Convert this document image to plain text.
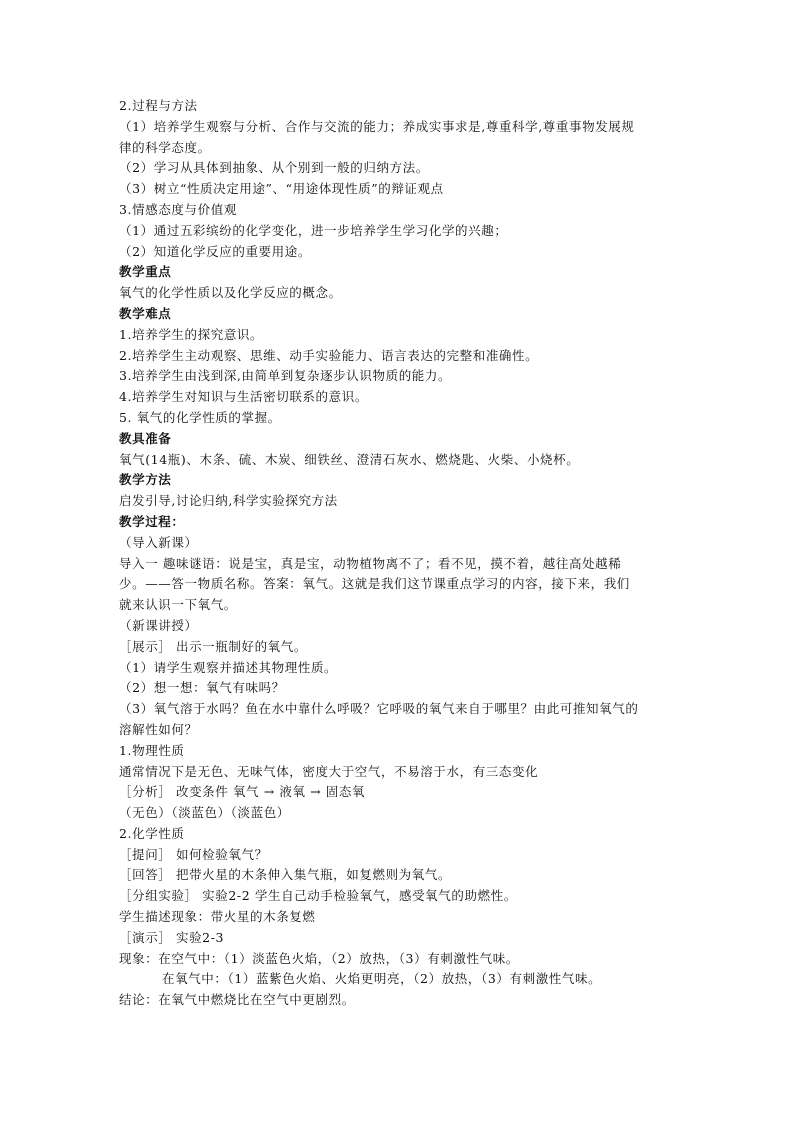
2.过程与方法
（1）培养学生观察与分析、合作与交流的能力；养成实事求是,尊重科学,尊重事物发展规
律的科学态度。
（2）学习从具体到抽象、从个别到一般的归纳方法。
（3）树立“性质决定用途”、“用途体现性质”的辩证观点
3.情感态度与价值观
（1）通过五彩缤纷的化学变化，进一步培养学生学习化学的兴趣；
（2）知道化学反应的重要用途。
教学重点
氧气的化学性质以及化学反应的概念。
教学难点
1.培养学生的探究意识。
2.培养学生主动观察、思维、动手实验能力、语言表达的完整和准确性。
3.培养学生由浅到深,由简单到复杂逐步认识物质的能力。
4.培养学生对知识与生活密切联系的意识。
5. 氧气的化学性质的掌握。
教具准备
氧气(14瓶)、木条、硫、木炭、细铁丝、澄清石灰水、燃烧匙、火柴、小烧杯。
教学方法
启发引导,讨论归纳,科学实验探究方法
教学过程：
（导入新课）
导入一 趣味谜语：说是宝，真是宝，动物植物离不了；看不见，摸不着，越往高处越稀
少。——答一物质名称。答案：氧气。这就是我们这节课重点学习的内容，接下来，我们
就来认识一下氧气。
（新课讲授）
［展示］ 出示一瓶制好的氧气。
（1）请学生观察并描述其物理性质。
（2）想一想：氧气有味吗？
（3）氧气溶于水吗？鱼在水中靠什么呼吸？它呼吸的氧气来自于哪里？由此可推知氧气的
溶解性如何？
1.物理性质
通常情况下是无色、无味气体，密度大于空气，不易溶于水，有三态变化
［分析］ 改变条件 氧气 → 液氧 → 固态氧
（无色）（淡蓝色）（淡蓝色）
2.化学性质
［提问］ 如何检验氧气？
［回答］ 把带火星的木条伸入集气瓶，如复燃则为氧气。
［分组实验］ 实验2-2 学生自己动手检验氧气，感受氧气的助燃性。
学生描述现象：带火星的木条复燃
［演示］ 实验2-3
现象：在空气中：（1）淡蓝色火焰，（2）放热，（3）有刺激性气味。
在氧气中：（1）蓝紫色火焰、火焰更明亮，（2）放热，（3）有刺激性气味。
结论：在氧气中燃烧比在空气中更剧烈。
